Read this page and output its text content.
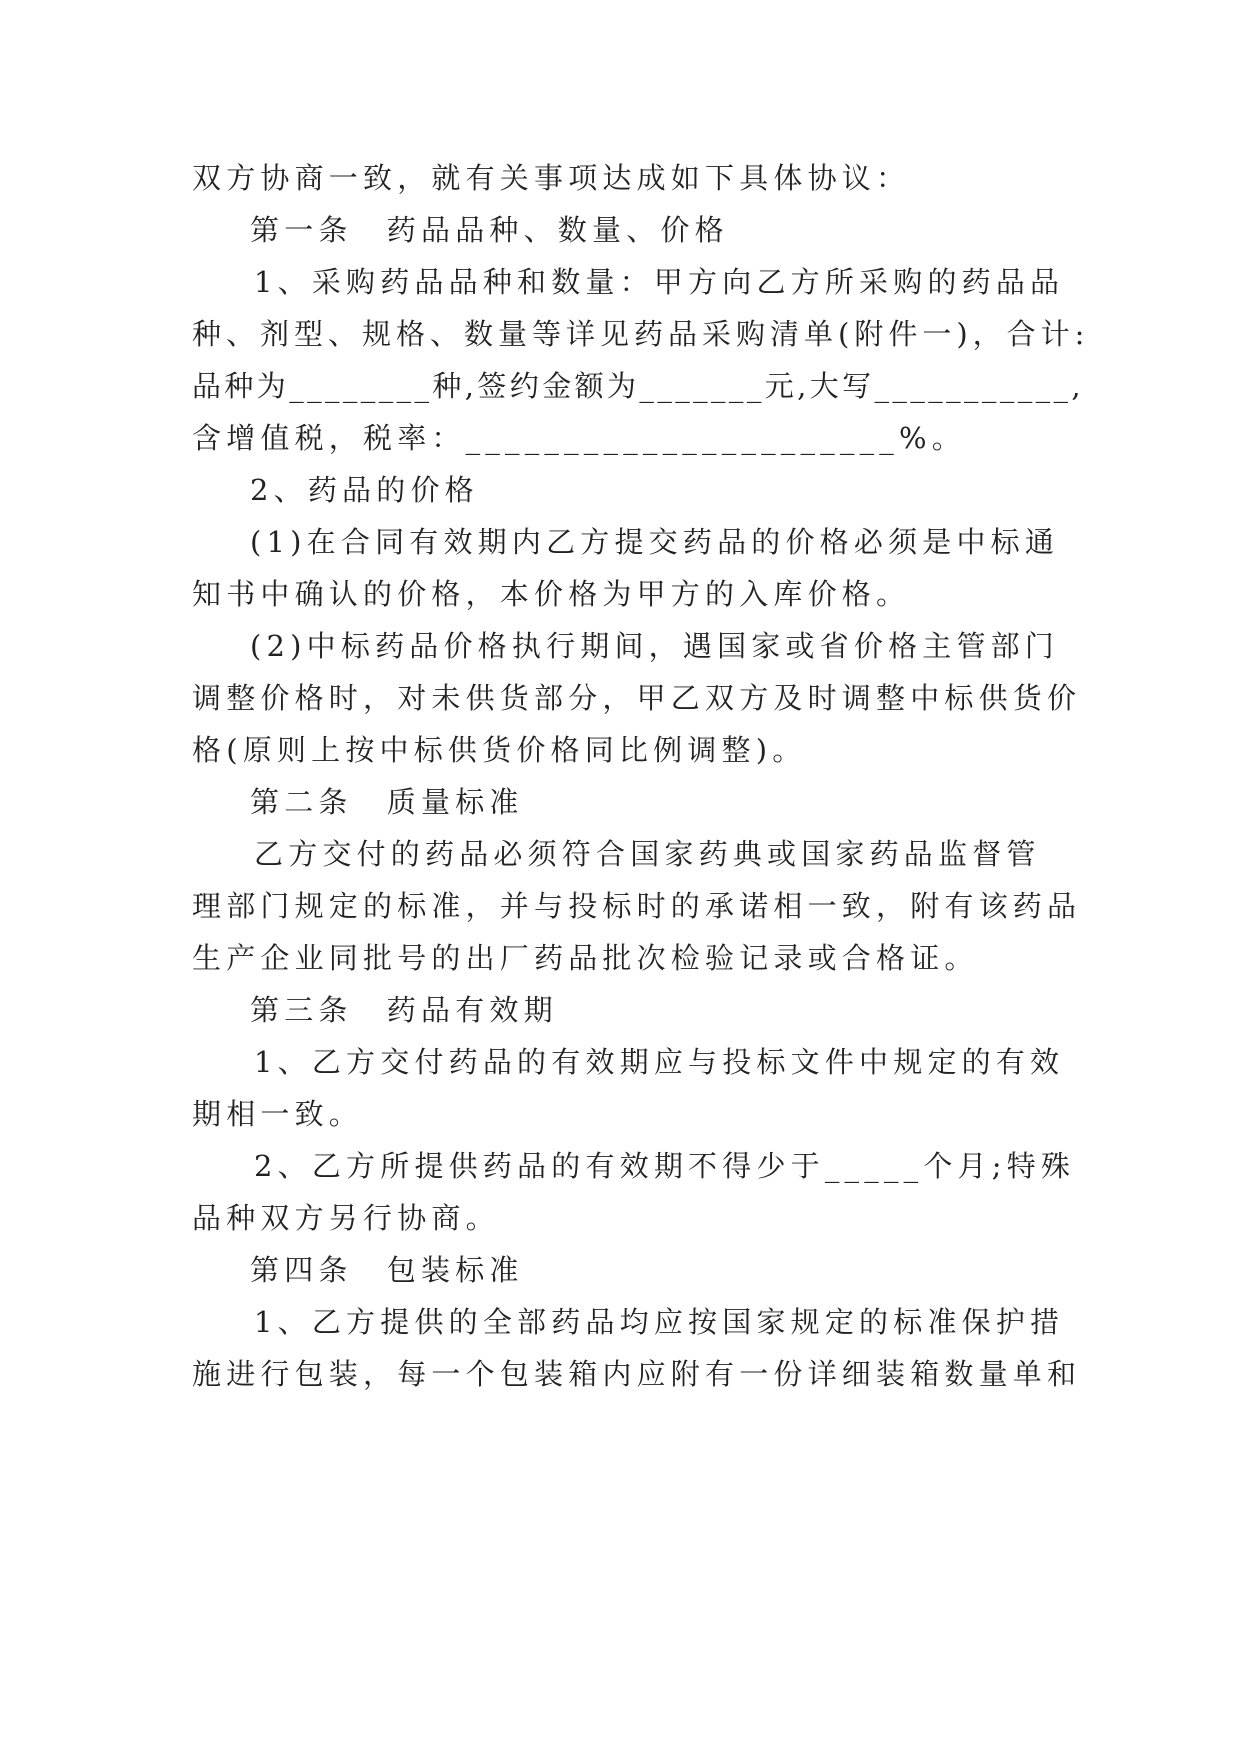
双方协商一致，就有关事项达成如下具体协议：
第一条　药品品种、数量、价格
1、采购药品品种和数量：甲方向乙方所采购的药品品
种、剂型、规格、数量等详见药品采购清单(附件一)，合计:
品种为________种,签约金额为_______元,大写___________,
含增值税，税率：______________________%。
2、药品的价格
(1)在合同有效期内乙方提交药品的价格必须是中标通
知书中确认的价格，本价格为甲方的入库价格。
(2)中标药品价格执行期间，遇国家或省价格主管部门
调整价格时，对未供货部分，甲乙双方及时调整中标供货价
格(原则上按中标供货价格同比例调整)。
第二条　质量标准
乙方交付的药品必须符合国家药典或国家药品监督管
理部门规定的标准，并与投标时的承诺相一致，附有该药品
生产企业同批号的出厂药品批次检验记录或合格证。
第三条　药品有效期
1、乙方交付药品的有效期应与投标文件中规定的有效
期相一致。
2、乙方所提供药品的有效期不得少于_____个月;特殊
品种双方另行协商。
第四条　包装标准
1、乙方提供的全部药品均应按国家规定的标准保护措
施进行包装，每一个包装箱内应附有一份详细装箱数量单和
